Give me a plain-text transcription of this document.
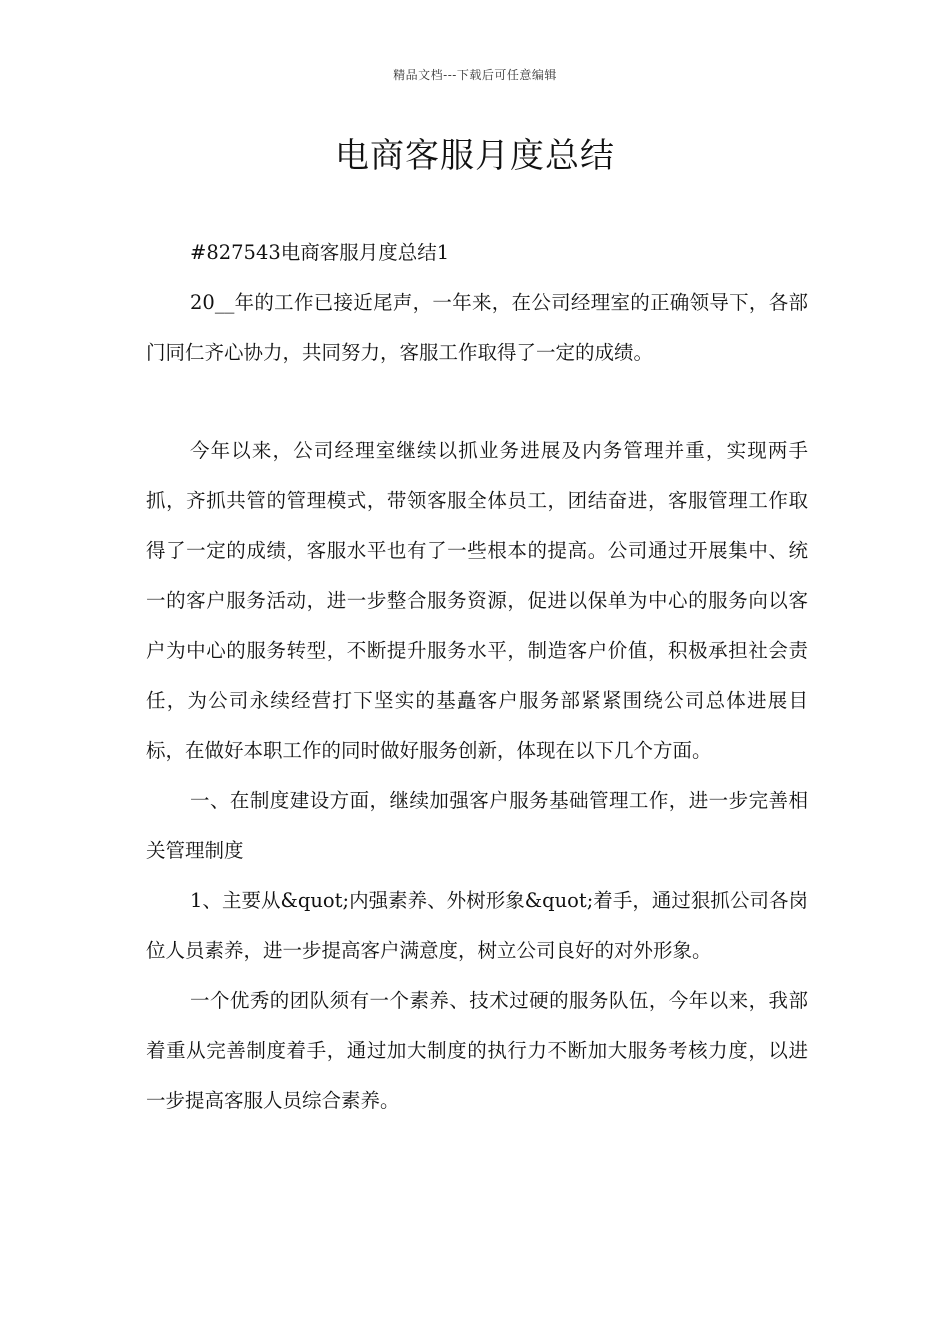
精品文档---下载后可任意编辑
电商客服月度总结

#827543电商客服月度总结1

20__年的工作已接近尾声，一年来，在公司经理室的正确领导下，各部门同仁齐心协力，共同努力，客服工作取得了一定的成绩。

今年以来，公司经理室继续以抓业务进展及内务管理并重，实现两手抓，齐抓共管的管理模式，带领客服全体员工，团结奋进，客服管理工作取得了一定的成绩，客服水平也有了一些根本的提高。公司通过开展集中、统一的客户服务活动，进一步整合服务资源，促进以保单为中心的服务向以客户为中心的服务转型，不断提升服务水平，制造客户价值，积极承担社会责任，为公司永续经营打下坚实的基矗客户服务部紧紧围绕公司总体进展目标，在做好本职工作的同时做好服务创新，体现在以下几个方面。

一、在制度建设方面，继续加强客户服务基础管理工作，进一步完善相关管理制度

1、主要从&quot;内强素养、外树形象&quot;着手，通过狠抓公司各岗位人员素养，进一步提高客户满意度，树立公司良好的对外形象。

一个优秀的团队须有一个素养、技术过硬的服务队伍，今年以来，我部着重从完善制度着手，通过加大制度的执行力不断加大服务考核力度，以进一步提高客服人员综合素养。
